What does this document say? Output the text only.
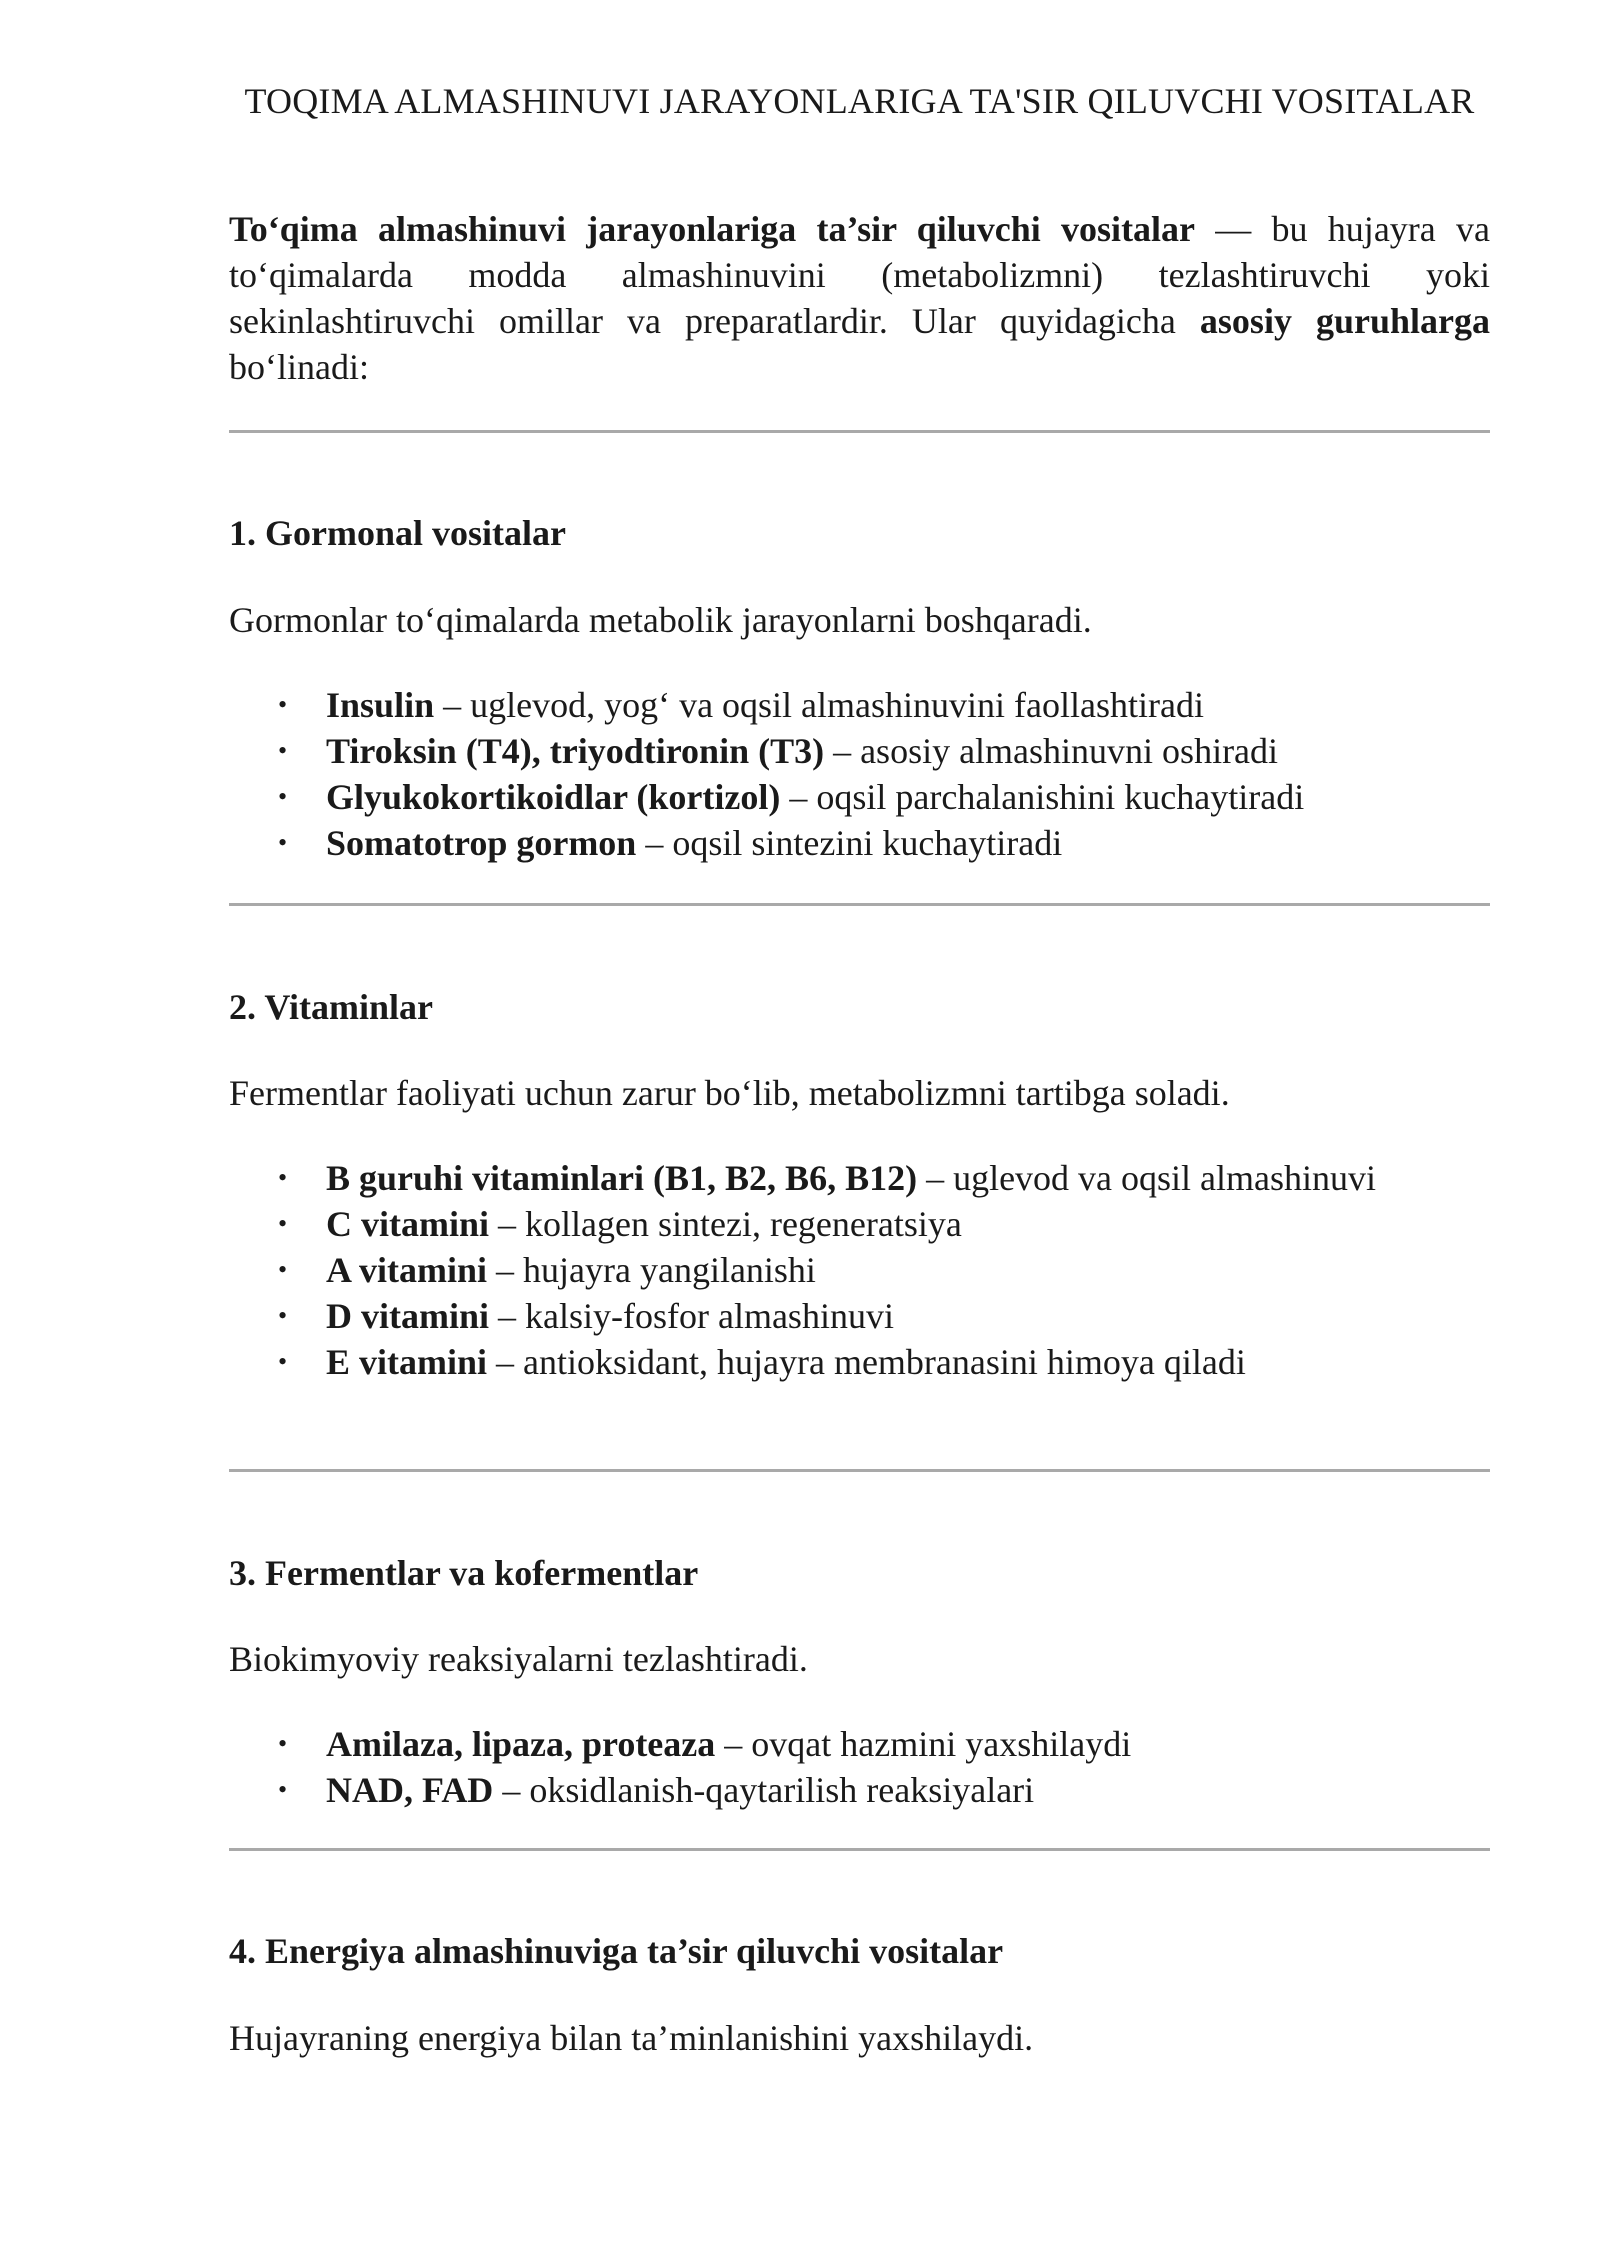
TOQIMA ALMASHINUVI JARAYONLARIGA TA'SIR QILUVCHI VOSITALAR
To‘qima almashinuvi jarayonlariga ta’sir qiluvchi vositalar — bu hujayra va to‘qimalarda modda almashinuvini (metabolizmni) tezlashtiruvchi yoki sekinlashtiruvchi omillar va preparatlardir. Ular quyidagicha asosiy guruhlarga bo‘linadi:
1. Gormonal vositalar
Gormonlar to‘qimalarda metabolik jarayonlarni boshqaradi.
• Insulin – uglevod, yog‘ va oqsil almashinuvini faollashtiradi
• Tiroksin (T4), triyodtironin (T3) – asosiy almashinuvni oshiradi
• Glyukokortikoidlar (kortizol) – oqsil parchalanishini kuchaytiradi
• Somatotrop gormon – oqsil sintezini kuchaytiradi
2. Vitaminlar
Fermentlar faoliyati uchun zarur bo‘lib, metabolizmni tartibga soladi.
• B guruhi vitaminlari (B1, B2, B6, B12) – uglevod va oqsil almashinuvi
• C vitamini – kollagen sintezi, regeneratsiya
• A vitamini – hujayra yangilanishi
• D vitamini – kalsiy-fosfor almashinuvi
• E vitamini – antioksidant, hujayra membranasini himoya qiladi
3. Fermentlar va kofermentlar
Biokimyoviy reaksiyalarni tezlashtiradi.
• Amilaza, lipaza, proteaza – ovqat hazmini yaxshilaydi
• NAD, FAD – oksidlanish-qaytarilish reaksiyalari
4. Energiya almashinuviga ta’sir qiluvchi vositalar
Hujayraning energiya bilan ta’minlanishini yaxshilaydi.
